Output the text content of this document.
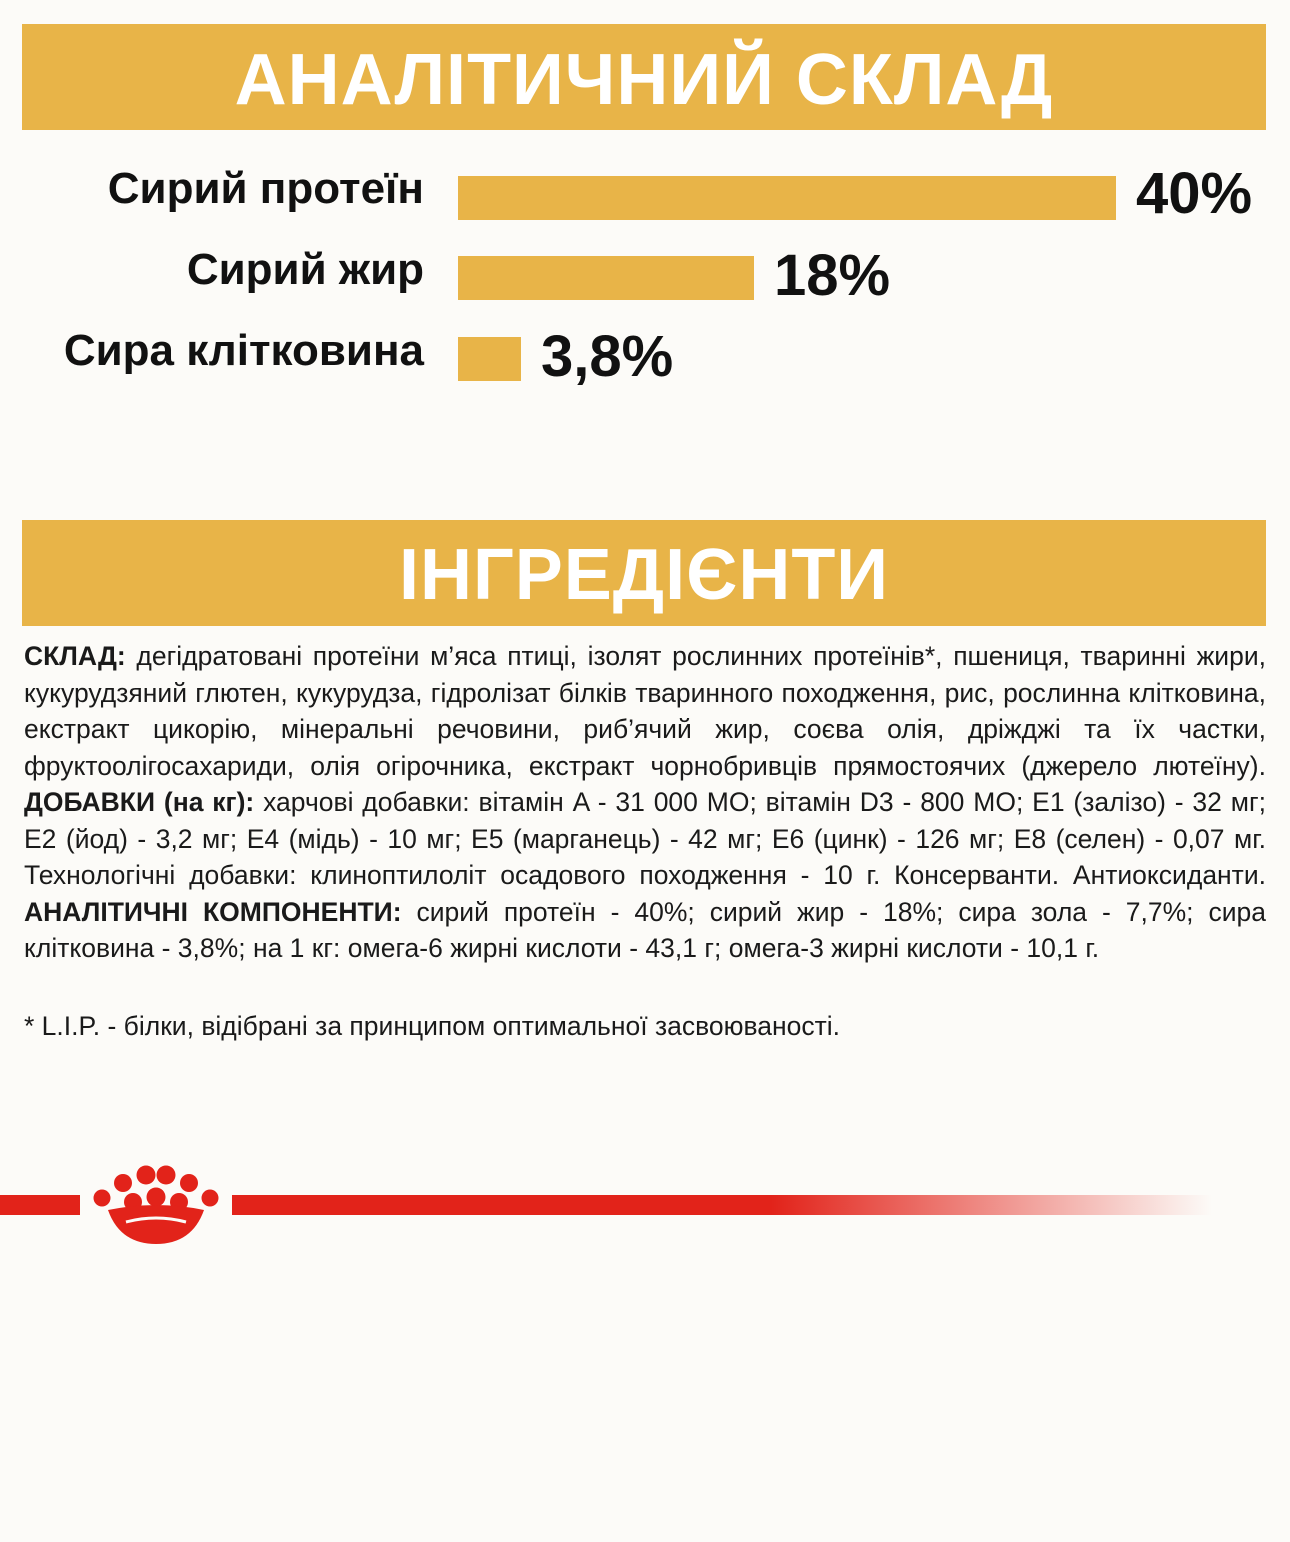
АНАЛІТИЧНИЙ СКЛАД
Сирий протеїн	40%
Сирий жир	18%
Сира клітковина 3,8%
ІНГРЕДІЄНТИ
СКЛАД: дегідратовані протеїни м’яса птиці, ізолят рослинних протеїнів*, пшениця, тваринні жири, кукурудзяний глютен, кукурудза, гідролізат білків тваринного походження, рис, рослинна клітковина, екстракт цикорію, мінеральні речовини, риб’ячий жир, соєва олія, дріжджі та їх частки, фруктоолігосахариди, олія огірочника, екстракт чорнобривців прямостоячих (джерело лютеїну). ДОБАВКИ (на кг): харчові добавки: вітамін A - 31 000 МО; вітамін D3 - 800 МО; E1 (залізо) - 32 мг; E2 (йод) - 3,2 мг; E4 (мідь) - 10 мг; E5 (марганець) - 42 мг; E6 (цинк) - 126 мг; E8 (селен) - 0,07 мг. Технологічні добавки: клиноптилоліт осадового походження - 10 г. Консерванти. Антиоксиданти. АНАЛІТИЧНІ КОМПОНЕНТИ: сирий протеїн - 40%; сирий жир - 18%; сира зола - 7,7%; сира клітковина - 3,8%; на 1 кг: омега-6 жирні кислоти - 43,1 г; омега-3 жирні кислоти - 10,1 г.
* L.I.P. - білки, відібрані за принципом оптимальної засвоюваності.
